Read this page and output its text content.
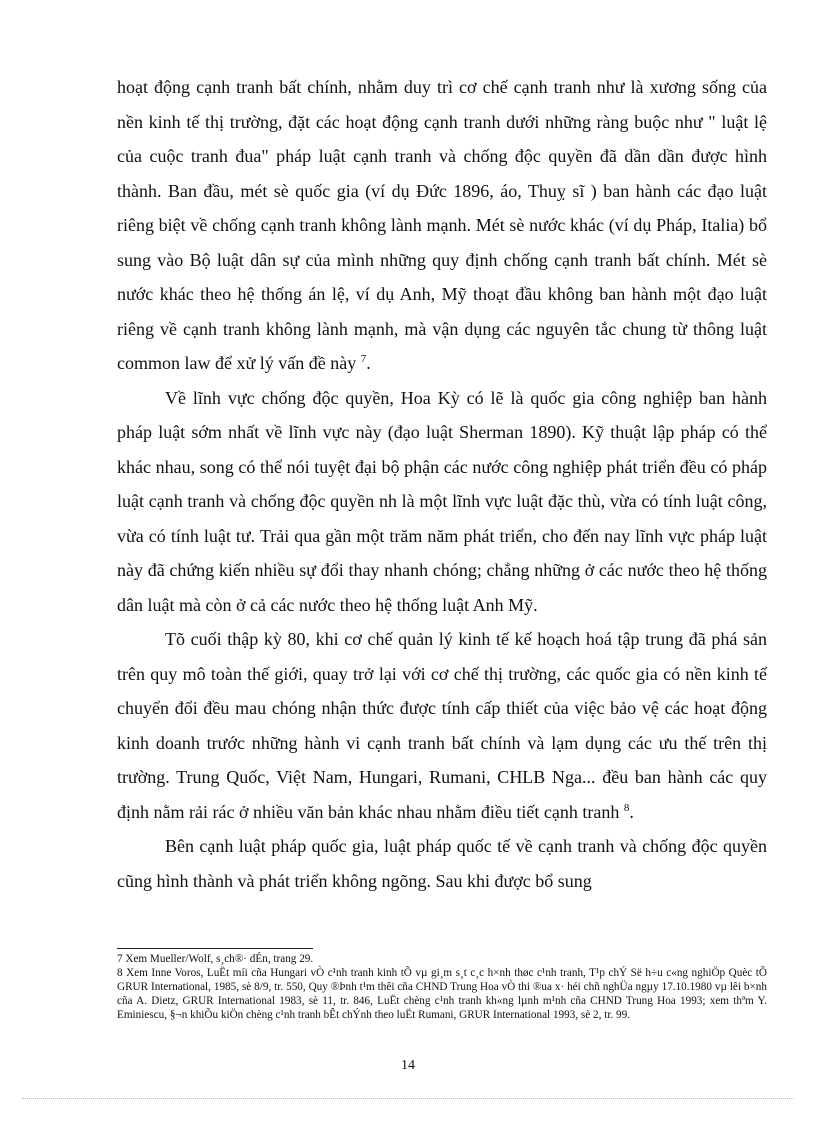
hoạt động cạnh tranh bất chính, nhằm duy trì cơ chế cạnh tranh như là xương sống của nền kinh tế thị trường, đặt các hoạt động cạnh tranh dưới những ràng buộc như " luật lệ của cuộc tranh đua" pháp luật cạnh tranh và chống độc quyền đã dần dần được hình thành. Ban đầu, mét sè quốc gia (ví dụ Đức 1896, áo, Thuỵ sĩ ) ban hành các đạo luật riêng biệt về chống cạnh tranh không lành mạnh. Mét sè nước khác (ví dụ Pháp, Italia) bổ sung vào Bộ luật dân sự của mình những quy định chống cạnh tranh bất chính. Mét sè nước khác theo hệ thống án lệ, ví dụ Anh, Mỹ thoạt đầu không ban hành một đạo luật riêng về cạnh tranh không lành mạnh, mà vận dụng các nguyên tắc chung từ thông luật common law để xử lý vấn đề này $^7$.

Về lĩnh vực chống độc quyền, Hoa Kỳ có lẽ là quốc gia công nghiệp ban hành pháp luật sớm nhất về lĩnh vực này (đạo luật Sherman 1890). Kỹ thuật lập pháp có thể khác nhau, song có thể nói tuyệt đại bộ phận các nước công nghiệp phát triển đều có pháp luật cạnh tranh và chống độc quyền nh là một lĩnh vực luật đặc thù, vừa có tính luật công, vừa có tính luật tư. Trải qua gần một trăm năm phát triển, cho đến nay lĩnh vực pháp luật này đã chứng kiến nhiều sự đổi thay nhanh chóng; chẳng những ở các nước theo hệ thống dân luật mà còn ở cả các nước theo hệ thống luật Anh Mỹ.

Tõ cuối thập kỳ 80, khi cơ chế quản lý kinh tế kế hoạch hoá tập trung đã phá sản trên quy mô toàn thế giới, quay trở lại với cơ chế thị trường, các quốc gia có nền kinh tế chuyển đổi đều mau chóng nhận thức được tính cấp thiết của việc bảo vệ các hoạt động kinh doanh trước những hành vi cạnh tranh bất chính và lạm dụng các ưu thế trên thị trường. Trung Quốc, Việt Nam, Hungari, Rumani, CHLB Nga... đều ban hành các quy định nằm rải rác ở nhiều văn bản khác nhau nhằm điều tiết cạnh tranh $^8$.

Bên cạnh luật pháp quốc gia, luật pháp quốc tế về cạnh tranh và chống độc quyền cũng hình thành và phát triển không ngõng. Sau khi được bổ sung

7 Xem Mueller/Wolf, s¸ch®· dÉn, trang 29.

8 Xem Inne Voros, LuËt míi cña Hungari vÒ c¹nh tranh kinh tÕ vµ gi¸m s¸t c¸c h×nh thøc c¹nh tranh, T¹p chÝ Së h÷u c«ng nghiÖp Quèc tÕ GRUR International, 1985, sè 8/9, tr. 550, Quy ®Þnh t¹m thêi cña CHND Trung Hoa vÒ thi ®ua x· héi chñ nghÜa ngµy 17.10.1980 vµ lêi b×nh cña A. Dietz, GRUR International 1983, sè 11, tr. 846, LuËt chèng c¹nh tranh kh«ng lµnh m¹nh cña CHND Trung Hoa 1993; xem thªm Y. Eminiescu, §¬n khiÕu kiÖn chèng c¹nh tranh bÊt chÝnh theo luËt Rumani, GRUR International 1993, sè 2, tr. 99.

14
